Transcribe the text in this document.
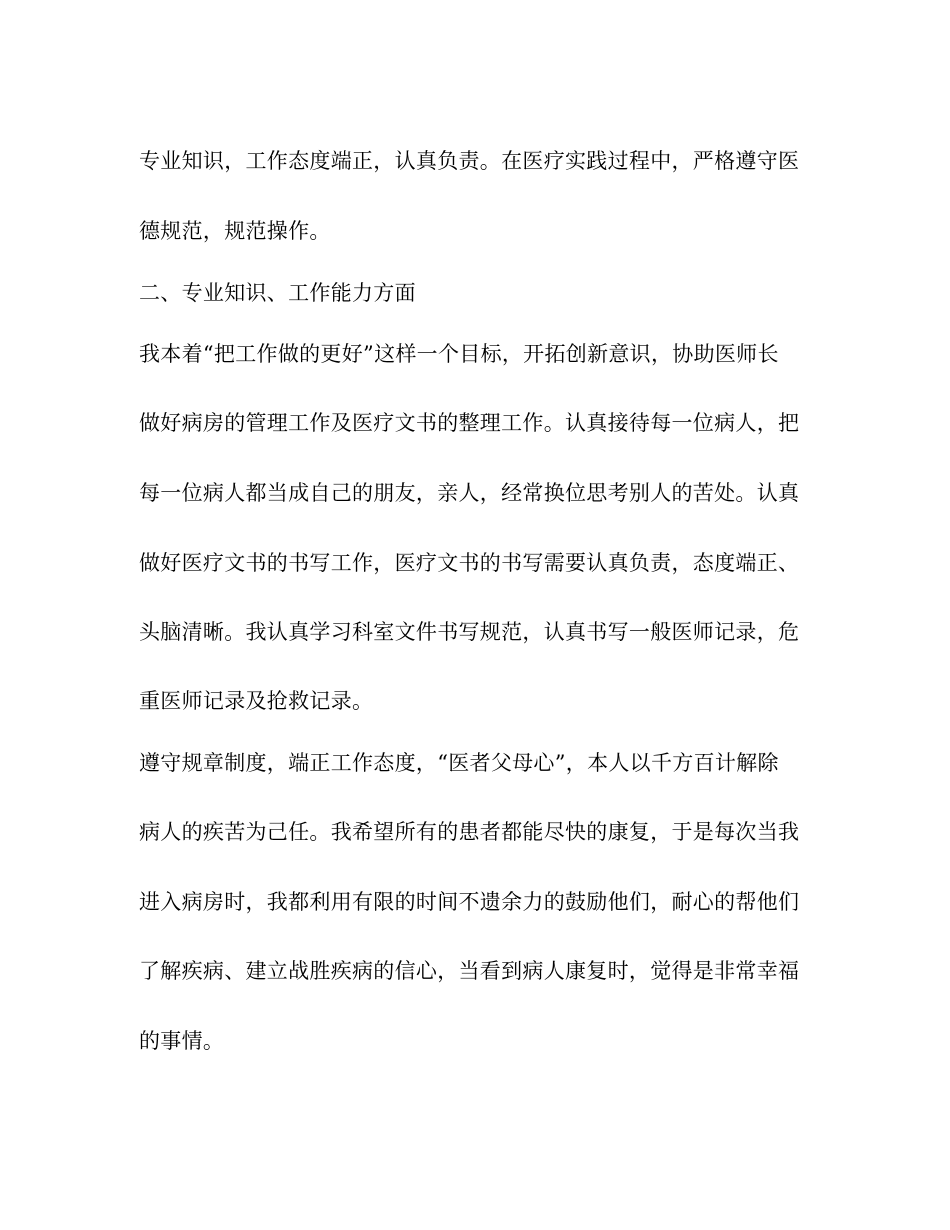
专业知识，工作态度端正，认真负责。在医疗实践过程中，严格遵守医
德规范，规范操作。
二、专业知识、工作能力方面
我本着“把工作做的更好”这样一个目标，开拓创新意识，协助医师长
做好病房的管理工作及医疗文书的整理工作。认真接待每一位病人，把
每一位病人都当成自己的朋友，亲人，经常换位思考别人的苦处。认真
做好医疗文书的书写工作，医疗文书的书写需要认真负责，态度端正、
头脑清晰。我认真学习科室文件书写规范，认真书写一般医师记录，危
重医师记录及抢救记录。
遵守规章制度，端正工作态度，“医者父母心”，本人以千方百计解除
病人的疾苦为己任。我希望所有的患者都能尽快的康复，于是每次当我
进入病房时，我都利用有限的时间不遗余力的鼓励他们，耐心的帮他们
了解疾病、建立战胜疾病的信心，当看到病人康复时，觉得是非常幸福
的事情。
